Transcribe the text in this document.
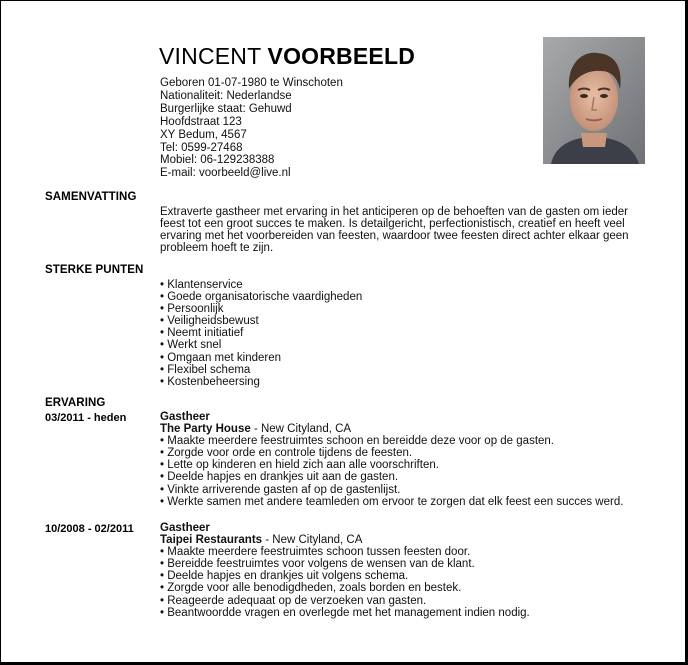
VINCENT VOORBEELD
Geboren 01-07-1980 te Winschoten
Nationaliteit: Nederlandse
Burgerlijke staat: Gehuwd
Hoofdstraat 123
XY Bedum, 4567
Tel: 0599-27468
Mobiel: 06-129238388
E-mail: voorbeeld@live.nl
SAMENVATTING
Extraverte gastheer met ervaring in het anticiperen op de behoeften van de gasten om ieder feest tot een groot succes te maken. Is detailgericht, perfectionistisch, creatief en heeft veel ervaring met het voorbereiden van feesten, waardoor twee feesten direct achter elkaar geen probleem hoeft te zijn.
STERKE PUNTEN
• Klantenservice
• Goede organisatorische vaardigheden
• Persoonlijk
• Veiligheidsbewust
• Neemt initiatief
• Werkt snel
• Omgaan met kinderen
• Flexibel schema
• Kostenbeheersing
ERVARING
03/2011 - heden	Gastheer
The Party House - New Cityland, CA
• Maakte meerdere feestruimtes schoon en bereidde deze voor op de gasten.
• Zorgde voor orde en controle tijdens de feesten.
• Lette op kinderen en hield zich aan alle voorschriften.
• Deelde hapjes en drankjes uit aan de gasten.
• Vinkte arriverende gasten af op de gastenlijst.
• Werkte samen met andere teamleden om ervoor te zorgen dat elk feest een succes werd.
10/2008 - 02/2011 Gastheer
Taipei Restaurants - New Cityland, CA
• Maakte meerdere feestruimtes schoon tussen feesten door.
• Bereidde feestruimtes voor volgens de wensen van de klant.
• Deelde hapjes en drankjes uit volgens schema.
• Zorgde voor alle benodigdheden, zoals borden en bestek.
• Reageerde adequaat op de verzoeken van gasten.
• Beantwoordde vragen en overlegde met het management indien nodig.
